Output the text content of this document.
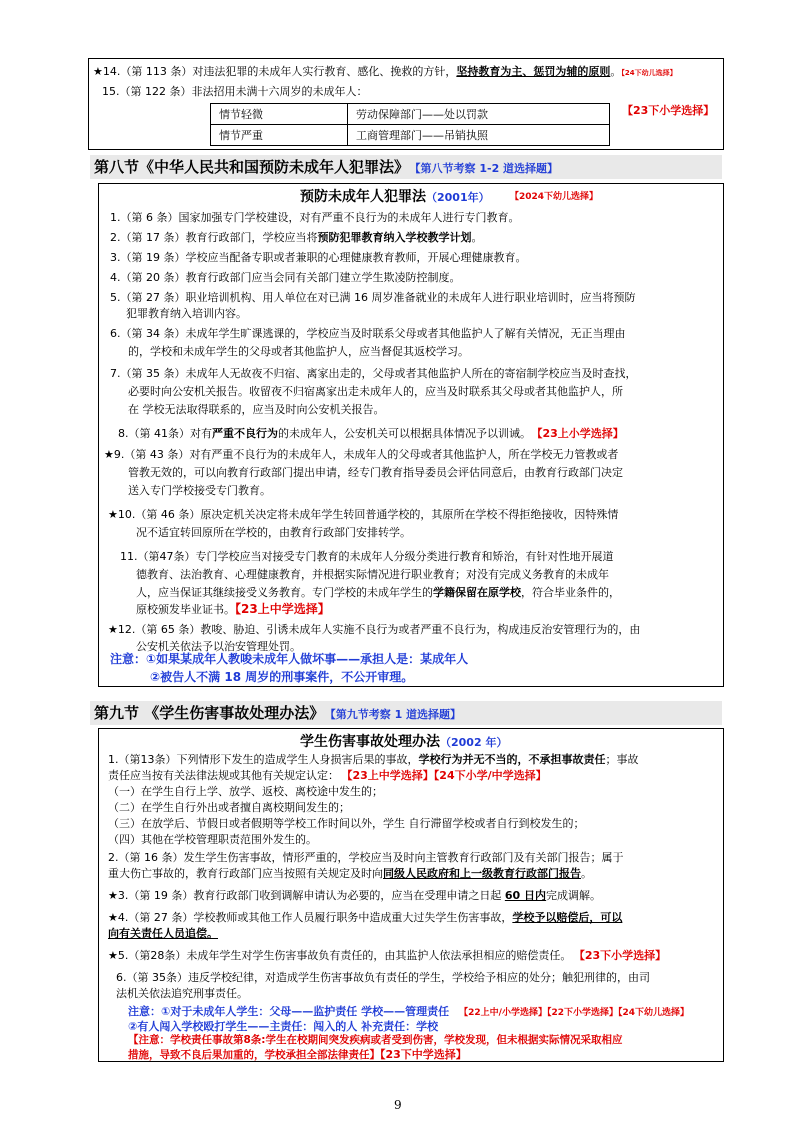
★14.（第 113 条）对违法犯罪的未成年人实行教育、感化、挽救的方针，坚持教育为主、惩罚为辅的原则。【24下幼儿选择】
15.（第 122 条）非法招用未满十六周岁的未成年人：
情节轻微	劳动保障部门——处以罚款
情节严重	工商管理部门——吊销执照
【23下小学选择】
第八节《中华人民共和国预防未成年人犯罪法》 【第八节考察 1-2 道选择题】
预防未成年人犯罪法（2001年） 【2024下幼儿选择】
1.（第 6 条）国家加强专门学校建设，对有严重不良行为的未成年人进行专门教育。
2.（第 17 条）教育行政部门，学校应当将预防犯罪教育纳入学校教学计划。
3.（第 19 条）学校应当配备专职或者兼职的心理健康教育教师，开展心理健康教育。
4.（第 20 条）教育行政部门应当会同有关部门建立学生欺凌防控制度。
5.（第 27 条）职业培训机构、用人单位在对已满 16 周岁准备就业的未成年人进行职业培训时，应当将预防
犯罪教育纳入培训内容。
6.（第 34 条）未成年学生旷课逃课的，学校应当及时联系父母或者其他监护人了解有关情况，无正当理由
的，学校和未成年学生的父母或者其他监护人，应当督促其返校学习。
7.（第 35 条）未成年人无故夜不归宿、离家出走的，父母或者其他监护人所在的寄宿制学校应当及时查找，
必要时向公安机关报告。收留夜不归宿离家出走未成年人的，应当及时联系其父母或者其他监护人，所
在 学校无法取得联系的，应当及时向公安机关报告。
8.（第 41条）对有严重不良行为的未成年人，公安机关可以根据具体情况予以训诫。 【23上小学选择】
★9.（第 43 条）对有严重不良行为的未成年人，未成年人的父母或者其他监护人，所在学校无力管教或者
管教无效的，可以向教育行政部门提出申请，经专门教育指导委员会评估同意后，由教育行政部门决定
送入专门学校接受专门教育。
★10.（第 46 条）原决定机关决定将未成年学生转回普通学校的，其原所在学校不得拒绝接收，因特殊情
况不适宜转回原所在学校的，由教育行政部门安排转学。
11.（第47条）专门学校应当对接受专门教育的未成年人分级分类进行教育和矫治，有针对性地开展道
德教育、法治教育、心理健康教育，并根据实际情况进行职业教育；对没有完成义务教育的未成年
人，应当保证其继续接受义务教育。专门学校的未成年学生的学籍保留在原学校，符合毕业条件的，
原校颁发毕业证书。【23上中学选择】
★12.（第 65 条）教唆、胁迫、引诱未成年人实施不良行为或者严重不良行为，构成违反治安管理行为的，由
公安机关依法予以治安管理处罚。
注意：①如果某成年人教唆未成年人做坏事——承担人是：某成年人
②被告人不满 18 周岁的刑事案件，不公开审理。
第九节 《学生伤害事故处理办法》 【第九节考察 1 道选择题】
学生伤害事故处理办法（2002 年）
1.（第13条）下列情形下发生的造成学生人身损害后果的事故，学校行为并无不当的，不承担事故责任；事故
责任应当按有关法律法规或其他有关规定认定： 【23上中学选择】【24下小学/中学选择】
（一）在学生自行上学、放学、返校、离校途中发生的；
（二）在学生自行外出或者擅自离校期间发生的；
（三）在放学后、节假日或者假期等学校工作时间以外，学生 自行滞留学校或者自行到校发生的；
（四）其他在学校管理职责范围外发生的。
2.（第 16 条）发生学生伤害事故，情形严重的，学校应当及时向主管教育行政部门及有关部门报告；属于
重大伤亡事故的，教育行政部门应当按照有关规定及时向同级人民政府和上一级教育行政部门报告。
★3.（第 19 条）教育行政部门收到调解申请认为必要的，应当在受理申请之日起 60 日内完成调解。
★4.（第 27 条）学校教师或其他工作人员履行职务中造成重大过失学生伤害事故，学校予以赔偿后，可以
向有关责任人员追偿。
★5.（第28条）未成年学生对学生伤害事故负有责任的，由其监护人依法承担相应的赔偿责任。 【23下小学选择】
6.（第 35条）违反学校纪律，对造成学生伤害事故负有责任的学生，学校给予相应的处分；触犯刑律的，由司
法机关依法追究刑事责任。
注意：①对于未成年人学生：父母——监护责任 学校——管理责任 【22上中/小学选择】【22下小学选择】【24下幼儿选择】
②有人闯入学校殴打学生——主责任：闯入的人 补充责任：学校
【注意：学校责任事故第8条:学生在校期间突发疾病或者受到伤害，学校发现，但未根据实际情况采取相应
措施，导致不良后果加重的，学校承担全部法律责任】【23下中学选择】
9
